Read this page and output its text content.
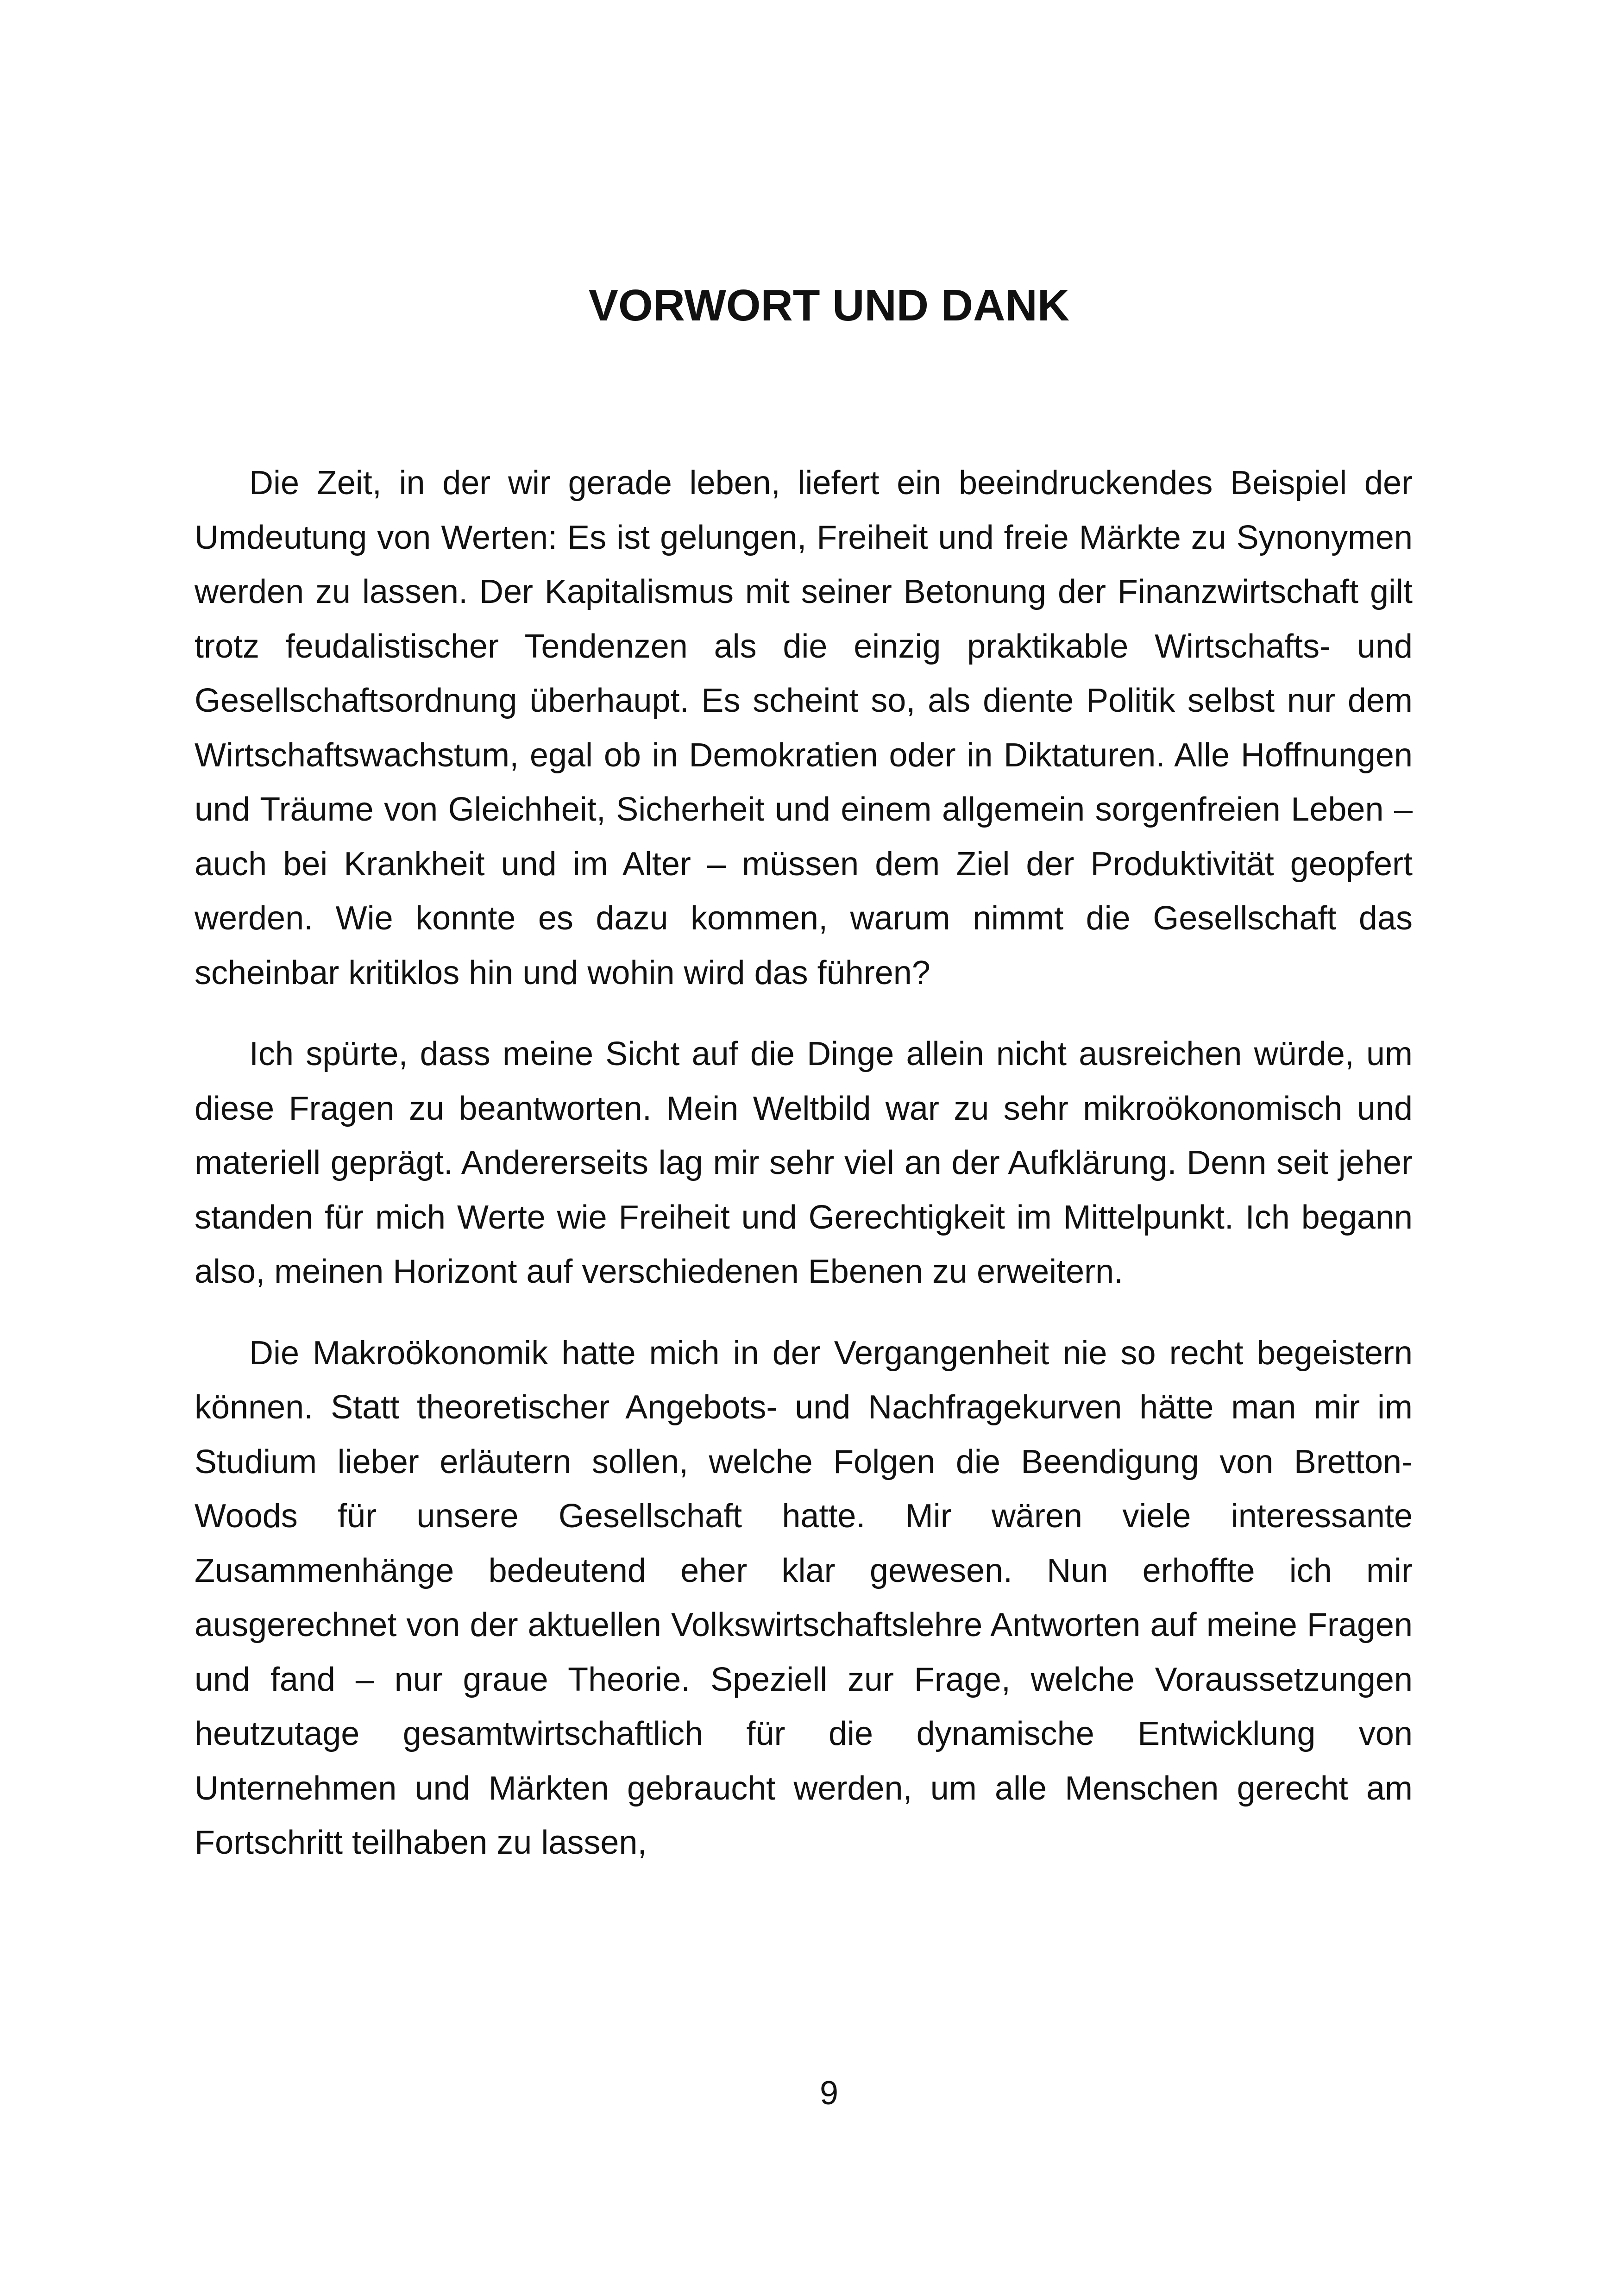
VORWORT UND DANK

Die Zeit, in der wir gerade leben, liefert ein beeindruckendes Beispiel der Umdeutung von Werten: Es ist gelungen, Freiheit und freie Märkte zu Synonymen werden zu lassen. Der Kapitalismus mit seiner Betonung der Finanzwirtschaft gilt trotz feudalistischer Tendenzen als die einzig praktikable Wirtschafts- und Gesellschaftsordnung überhaupt. Es scheint so, als diente Politik selbst nur dem Wirtschaftswachstum, egal ob in Demokratien oder in Diktaturen. Alle Hoffnungen und Träume von Gleichheit, Sicherheit und einem allgemein sorgenfreien Leben – auch bei Krankheit und im Alter – müssen dem Ziel der Produktivität geopfert werden. Wie konnte es dazu kommen, warum nimmt die Gesellschaft das scheinbar kritiklos hin und wohin wird das führen?

Ich spürte, dass meine Sicht auf die Dinge allein nicht ausreichen würde, um diese Fragen zu beantworten. Mein Weltbild war zu sehr mikroökonomisch und materiell geprägt. Andererseits lag mir sehr viel an der Aufklärung. Denn seit jeher standen für mich Werte wie Freiheit und Gerechtigkeit im Mittelpunkt. Ich begann also, meinen Horizont auf verschiedenen Ebenen zu erweitern.

Die Makroökonomik hatte mich in der Vergangenheit nie so recht begeistern können. Statt theoretischer Angebots- und Nachfragekurven hätte man mir im Studium lieber erläutern sollen, welche Folgen die Beendigung von Bretton-Woods für unsere Gesellschaft hatte. Mir wären viele interessante Zusammenhänge bedeutend eher klar gewesen. Nun erhoffte ich mir ausgerechnet von der aktuellen Volkswirtschaftslehre Antworten auf meine Fragen und fand – nur graue Theorie. Speziell zur Frage, welche Voraussetzungen heutzutage gesamtwirtschaftlich für die dynamische Entwicklung von Unternehmen und Märkten gebraucht werden, um alle Menschen gerecht am Fortschritt teilhaben zu lassen,

9
